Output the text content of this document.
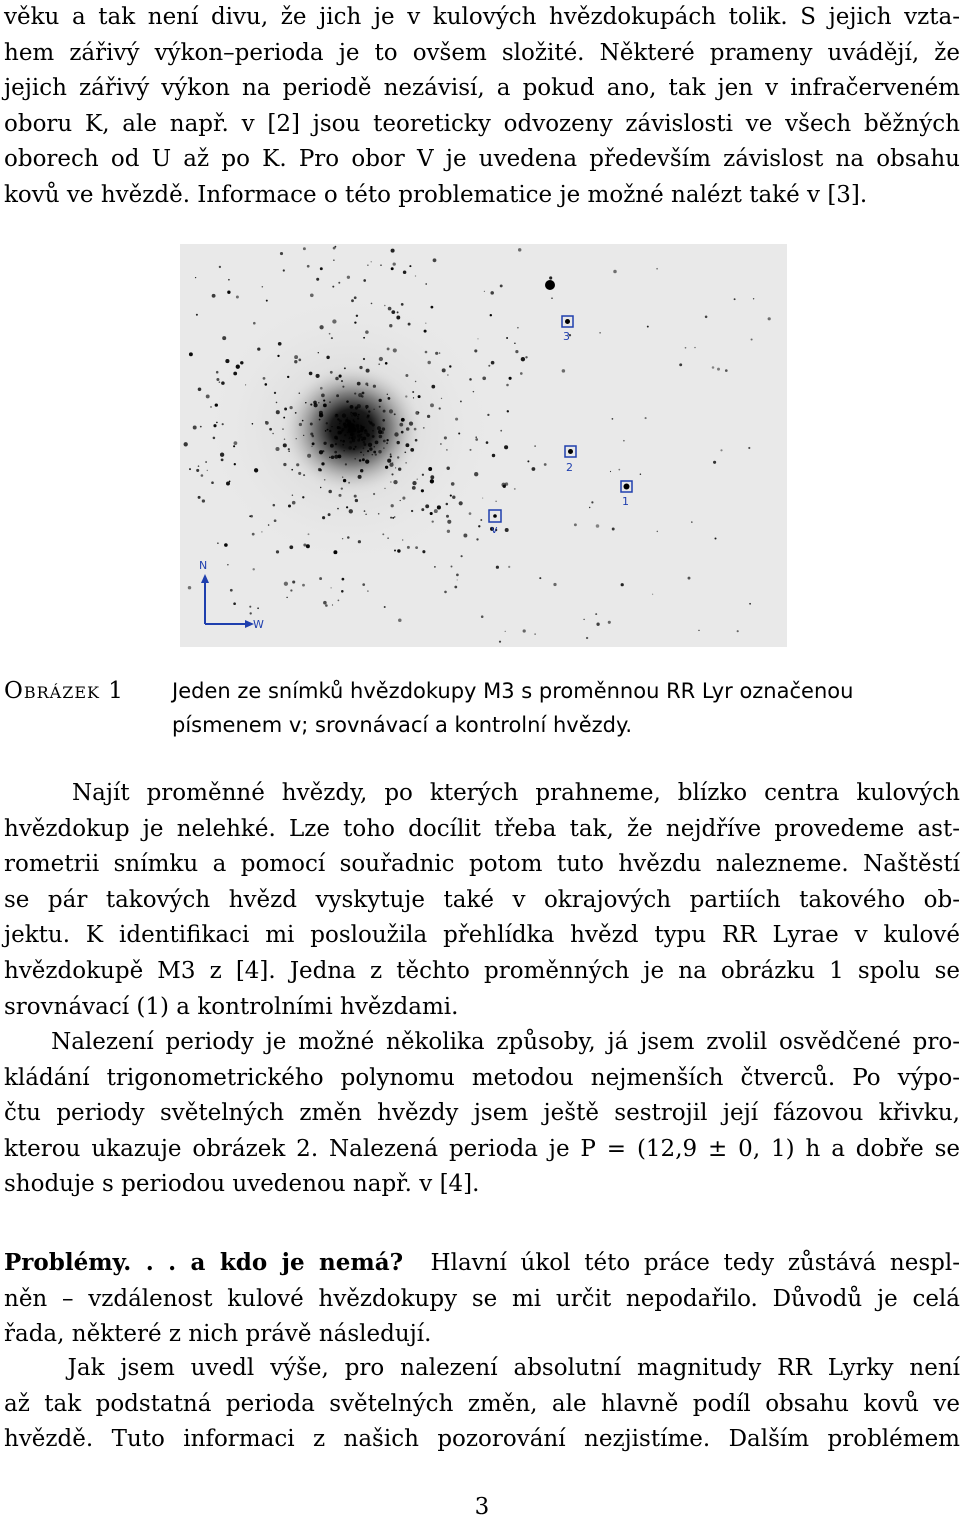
věku a tak není divu, že jich je v kulových hvězdokupách tolik. S jejich vzta-
hem zářivý výkon–perioda je to ovšem složité. Některé prameny uvádějí, že
jejich zářivý výkon na periodě nezávisí, a pokud ano, tak jen v infračerveném
oboru K, ale např. v [2] jsou teoreticky odvozeny závislosti ve všech běžných
oborech od U až po K. Pro obor V je uvedena především závislost na obsahu
kovů ve hvězdě. Informace o této problematice je možné nalézt také v [3].
3
2
1
v
N
W
Obrázek 1 Jeden ze snímků hvězdokupy M3 s proměnnou RR Lyr označenou
písmenem v; srovnávací a kontrolní hvězdy.
Najít proměnné hvězdy, po kterých prahneme, blízko centra kulových
hvězdokup je nelehké. Lze toho docílit třeba tak, že nejdříve provedeme ast-
rometrii snímku a pomocí souřadnic potom tuto hvězdu nalezneme. Naštěstí
se pár takových hvězd vyskytuje také v okrajových partiích takového ob-
jektu. K identifikaci mi posloužila přehlídka hvězd typu RR Lyrae v kulové
hvězdokupě M3 z [4]. Jedna z těchto proměnných je na obrázku 1 spolu se
srovnávací (1) a kontrolními hvězdami.
Nalezení periody je možné několika způsoby, já jsem zvolil osvědčené pro-
kládání trigonometrického polynomu metodou nejmenších čtverců. Po výpo-
čtu periody světelných změn hvězdy jsem ještě sestrojil její fázovou křivku,
kterou ukazuje obrázek 2. Nalezená perioda je P = (12,9 ± 0, 1) h a dobře se
shoduje s periodou uvedenou např. v [4].
Problémy. . . a kdo je nemá?  Hlavní úkol této práce tedy zůstává nespl-
něn – vzdálenost kulové hvězdokupy se mi určit nepodařilo. Důvodů je celá
řada, některé z nich právě následují.
Jak jsem uvedl výše, pro nalezení absolutní magnitudy RR Lyrky není
až tak podstatná perioda světelných změn, ale hlavně podíl obsahu kovů ve
hvězdě. Tuto informaci z našich pozorování nezjistíme. Dalším problémem
3
